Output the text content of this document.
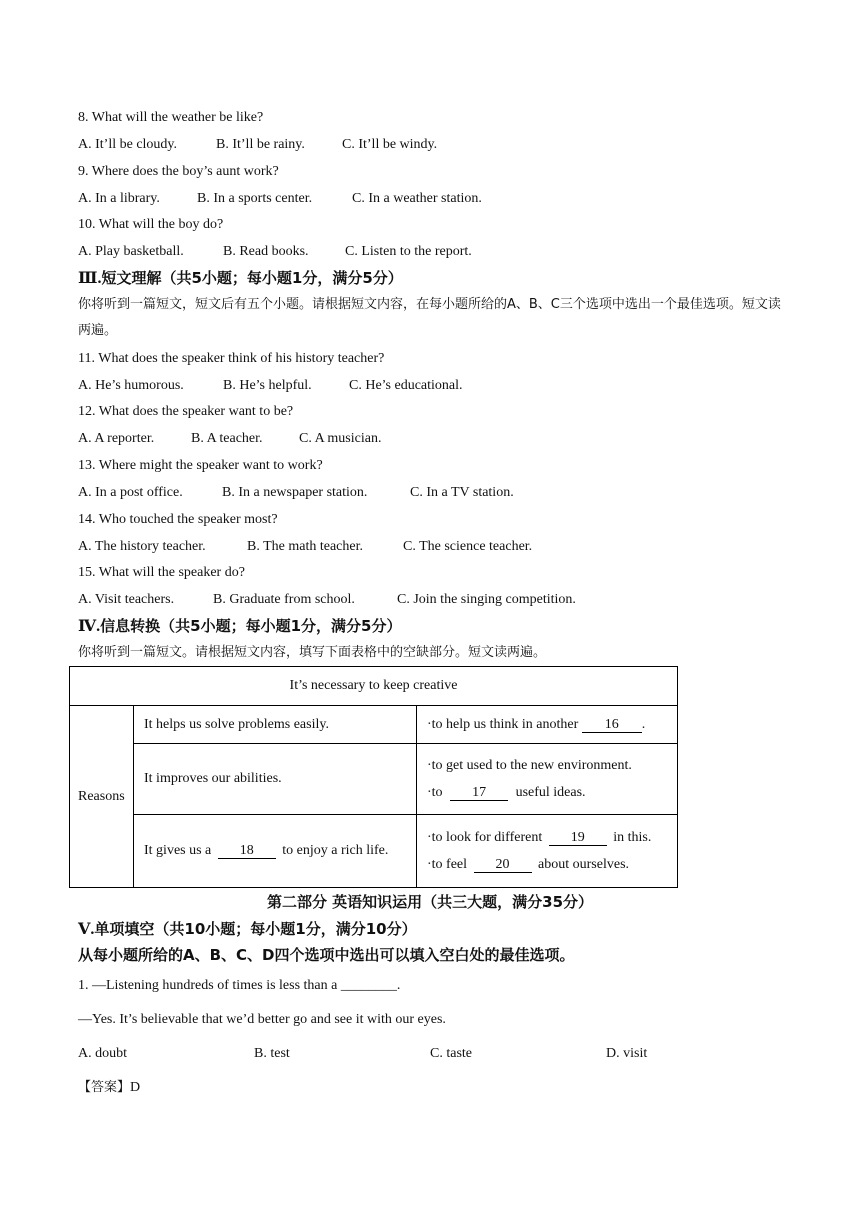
8. What will the weather be like?
A. It’ll be cloudy.	B. It’ll be rainy.	C. It’ll be windy.
9. Where does the boy’s aunt work?
A. In a library.	B. In a sports center.	C. In a weather station.
10. What will the boy do?
A. Play basketball.	B. Read books.	C. Listen to the report.
Ⅲ.短文理解（共5小题；每小题1分，满分5分）
你将听到一篇短文，短文后有五个小题。请根据短文内容，在每小题所给的A、B、C三个选项中选出一个最佳选项。短文读两遍。
11. What does the speaker think of his history teacher?
A. He’s humorous.	B. He’s helpful.	C. He’s educational.
12. What does the speaker want to be?
A. A reporter.	B. A teacher.	C. A musician.
13. Where might the speaker want to work?
A. In a post office.	B. In a newspaper station.	C. In a TV station.
14. Who touched the speaker most?
A. The history teacher.	B. The math teacher.	C. The science teacher.
15. What will the speaker do?
A. Visit teachers.	B. Graduate from school.	C. Join the singing competition.
Ⅳ.信息转换（共5小题；每小题1分，满分5分）
你将听到一篇短文。请根据短文内容，填写下面表格中的空缺部分。短文读两遍。
It’s necessary to keep creative		
Reasons	It helps us solve problems easily.	·to help us think in another 16 .
	It improves our abilities.	·to get used to the new environment.
·to 17 useful ideas.

	It gives us a 18 to enjoy a rich life.	·to look for different 19 in this.
·to feel 20 about ourselves.
第二部分 英语知识运用（共三大题，满分35分）
Ⅴ.单项填空（共10小题；每小题1分，满分10分）
从每小题所给的A、B、C、D四个选项中选出可以填入空白处的最佳选项。
1. —Listening hundreds of times is less than a ________.
—Yes. It’s believable that we’d better go and see it with our eyes.
A. doubt	B. test	C. taste	D. visit
【答案】D
